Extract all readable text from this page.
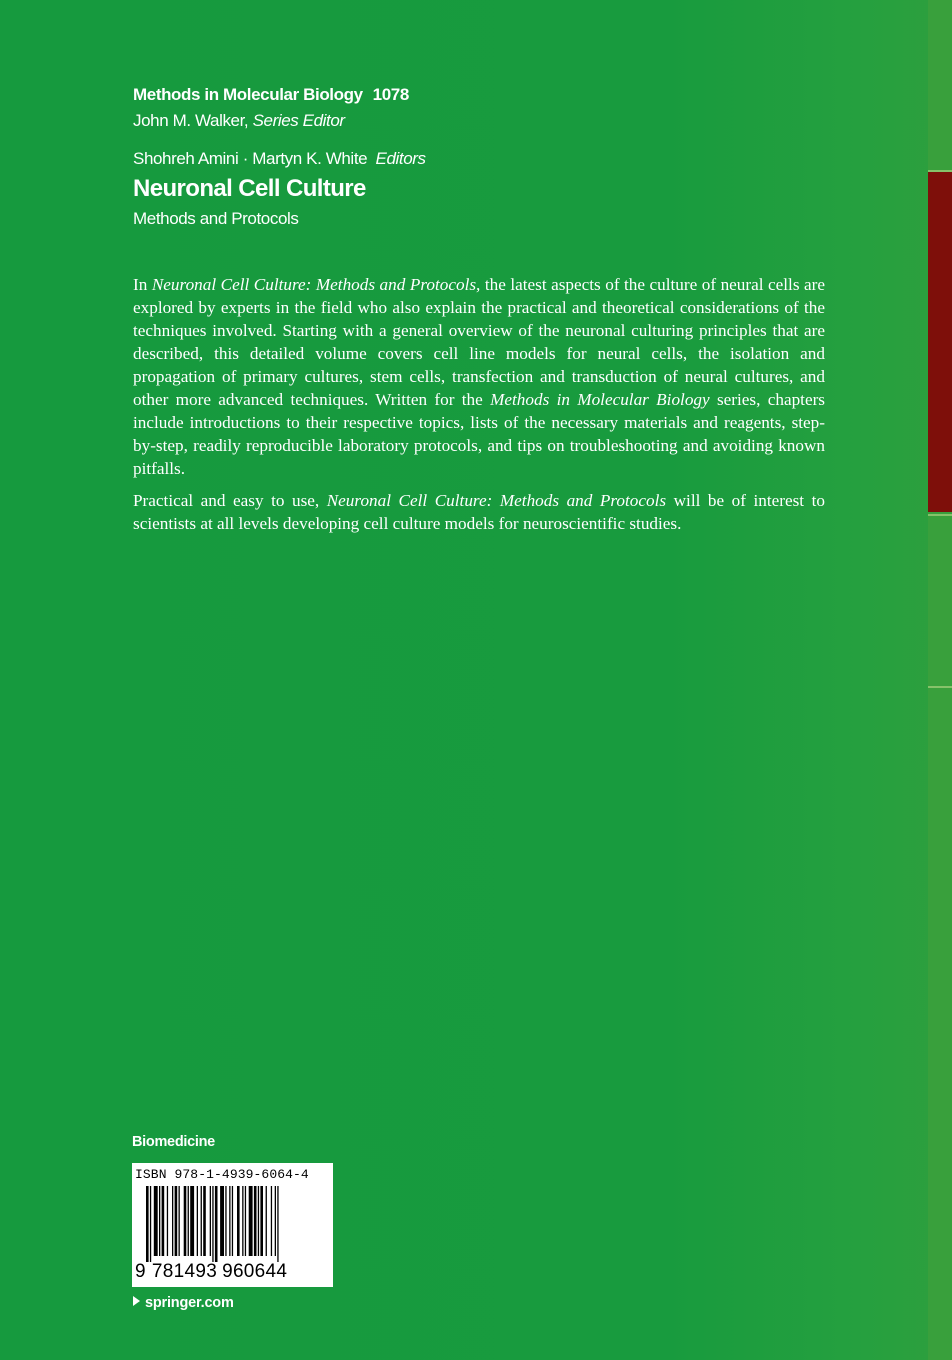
Methods in Molecular Biology 1078
John M. Walker, Series Editor
Shohreh Amini · Martyn K. White Editors
Neuronal Cell Culture
Methods and Protocols

In Neuronal Cell Culture: Methods and Protocols, the latest aspects of the culture of neural cells are explored by experts in the field who also explain the practical and theoretical considerations of the techniques involved. Starting with a general overview of the neuronal culturing principles that are described, this detailed volume covers cell line models for neural cells, the isolation and propagation of primary cultures, stem cells, transfection and transduction of neural cultures, and other more advanced techniques. Written for the Methods in Molecular Biology series, chapters include introductions to their respective topics, lists of the necessary materials and reagents, step-by-step, readily reproducible laboratory protocols, and tips on troubleshooting and avoiding known pitfalls.

Practical and easy to use, Neuronal Cell Culture: Methods and Protocols will be of interest to scientists at all levels developing cell culture models for neuroscientific studies.

Biomedicine
ISBN 978-1-4939-6064-4
9 781493 960644
springer.com
